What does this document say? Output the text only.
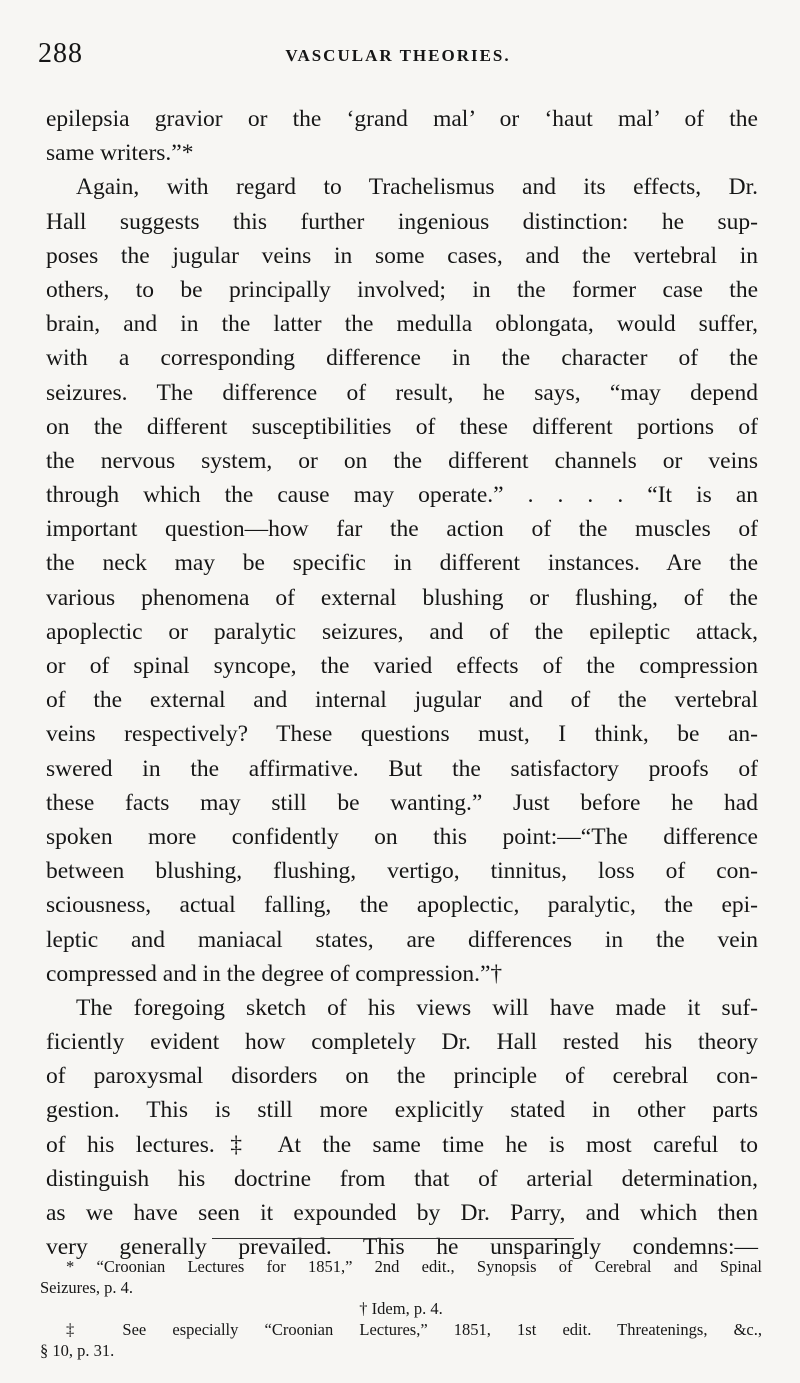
288	VASCULAR THEORIES.
epilepsia gravior or the ‘grand mal’ or ‘haut mal’ of the
same writers.”*
Again, with regard to Trachelismus and its effects, Dr.
Hall suggests this further ingenious distinction: he sup-
poses the jugular veins in some cases, and the vertebral in
others, to be principally involved; in the former case the
brain, and in the latter the medulla oblongata, would suffer,
with a corresponding difference in the character of the
seizures. The difference of result, he says, “may depend
on the different susceptibilities of these different portions of
the nervous system, or on the different channels or veins
through which the cause may operate.” . . . . “It is an
important question—how far the action of the muscles of
the neck may be specific in different instances. Are the
various phenomena of external blushing or flushing, of the
apoplectic or paralytic seizures, and of the epileptic attack,
or of spinal syncope, the varied effects of the compression
of the external and internal jugular and of the vertebral
veins respectively? These questions must, I think, be an-
swered in the affirmative. But the satisfactory proofs of
these facts may still be wanting.” Just before he had
spoken more confidently on this point:—“The difference
between blushing, flushing, vertigo, tinnitus, loss of con-
sciousness, actual falling, the apoplectic, paralytic, the epi-
leptic and maniacal states, are differences in the vein
compressed and in the degree of compression.”†
The foregoing sketch of his views will have made it suf-
ficiently evident how completely Dr. Hall rested his theory
of paroxysmal disorders on the principle of cerebral con-
gestion. This is still more explicitly stated in other parts
of his lectures.‡ At the same time he is most careful to
distinguish his doctrine from that of arterial determination,
as we have seen it expounded by Dr. Parry, and which then
very generally prevailed. This he unsparingly condemns:—
* “Croonian Lectures for 1851,” 2nd edit., Synopsis of Cerebral and Spinal
Seizures, p. 4.
† Idem, p. 4.
‡ See especially “Croonian Lectures,” 1851, 1st edit. Threatenings, &c.,
§ 10, p. 31.
